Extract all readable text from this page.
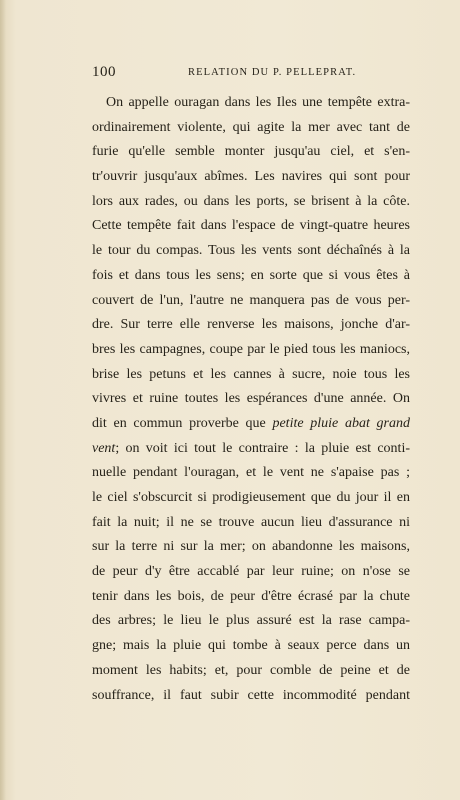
100	RELATION DU P. PELLEPRAT.
On appelle ouragan dans les Iles une tempête extra-
ordinairement violente, qui agite la mer avec tant de
furie qu'elle semble monter jusqu'au ciel, et s'en-
tr'ouvrir jusqu'aux abîmes. Les navires qui sont pour
lors aux rades, ou dans les ports, se brisent à la côte.
Cette tempête fait dans l'espace de vingt-quatre heures
le tour du compas. Tous les vents sont déchaînés à la
fois et dans tous les sens; en sorte que si vous êtes à
couvert de l'un, l'autre ne manquera pas de vous per-
dre. Sur terre elle renverse les maisons, jonche d'ar-
bres les campagnes, coupe par le pied tous les maniocs,
brise les petuns et les cannes à sucre, noie tous les
vivres et ruine toutes les espérances d'une année. On
dit en commun proverbe que petite pluie abat grand
vent; on voit ici tout le contraire : la pluie est conti-
nuelle pendant l'ouragan, et le vent ne s'apaise pas ;
le ciel s'obscurcit si prodigieusement que du jour il en
fait la nuit; il ne se trouve aucun lieu d'assurance ni
sur la terre ni sur la mer; on abandonne les maisons,
de peur d'y être accablé par leur ruine; on n'ose se
tenir dans les bois, de peur d'être écrasé par la chute
des arbres; le lieu le plus assuré est la rase campa-
gne; mais la pluie qui tombe à seaux perce dans un
moment les habits; et, pour comble de peine et de
souffrance, il faut subir cette incommodité pendant
